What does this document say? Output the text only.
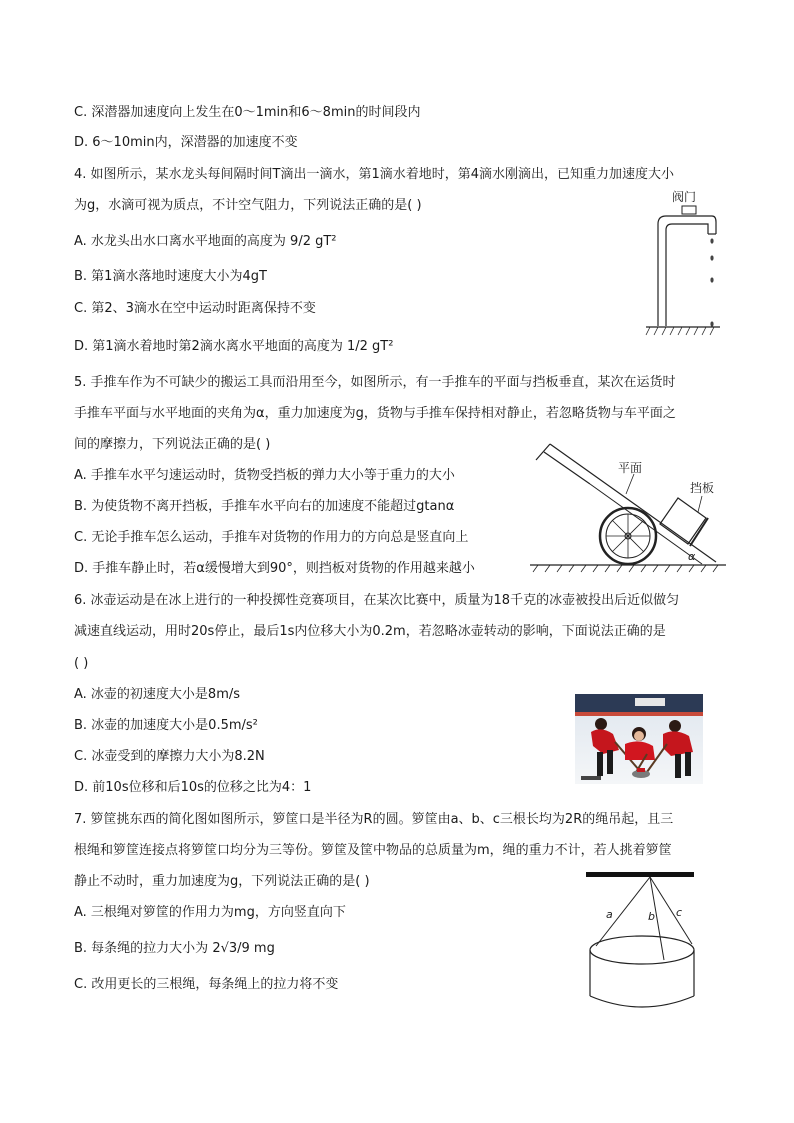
C. 深潜器加速度向上发生在0～1min和6～8min的时间段内
D. 6～10min内，深潜器的加速度不变
4. 如图所示，某水龙头每间隔时间T滴出一滴水，第1滴水着地时，第4滴水刚滴出，已知重力加速度大小
为g，水滴可视为质点，不计空气阻力，下列说法正确的是( )
A. 水龙头出水口离水平地面的高度为 9/2 gT²
B. 第1滴水落地时速度大小为4gT
C. 第2、3滴水在空中运动时距离保持不变
D. 第1滴水着地时第2滴水离水平地面的高度为 1/2 gT²
5. 手推车作为不可缺少的搬运工具而沿用至今，如图所示，有一手推车的平面与挡板垂直，某次在运货时
手推车平面与水平地面的夹角为α，重力加速度为g，货物与手推车保持相对静止，若忽略货物与车平面之
间的摩擦力，下列说法正确的是( )
A. 手推车水平匀速运动时，货物受挡板的弹力大小等于重力的大小
B. 为使货物不离开挡板，手推车水平向右的加速度不能超过gtanα
C. 无论手推车怎么运动，手推车对货物的作用力的方向总是竖直向上
D. 手推车静止时，若α缓慢增大到90°，则挡板对货物的作用越来越小
6. 冰壶运动是在冰上进行的一种投掷性竞赛项目，在某次比赛中，质量为18千克的冰壶被投出后近似做匀
减速直线运动，用时20s停止，最后1s内位移大小为0.2m，若忽略冰壶转动的影响，下面说法正确的是
( )
A. 冰壶的初速度大小是8m/s
B. 冰壶的加速度大小是0.5m/s²
C. 冰壶受到的摩擦力大小为8.2N
D. 前10s位移和后10s的位移之比为4：1
7. 箩筐挑东西的简化图如图所示，箩筐口是半径为R的圆。箩筐由a、b、c三根长均为2R的绳吊起，且三
根绳和箩筐连接点将箩筐口均分为三等份。箩筐及筐中物品的总质量为m，绳的重力不计，若人挑着箩筐
静止不动时，重力加速度为g，下列说法正确的是( )
A. 三根绳对箩筐的作用力为mg，方向竖直向下
B. 每条绳的拉力大小为 2√3/9 mg
C. 改用更长的三根绳，每条绳上的拉力将不变
阀门
平面
挡板
α
a	b c
